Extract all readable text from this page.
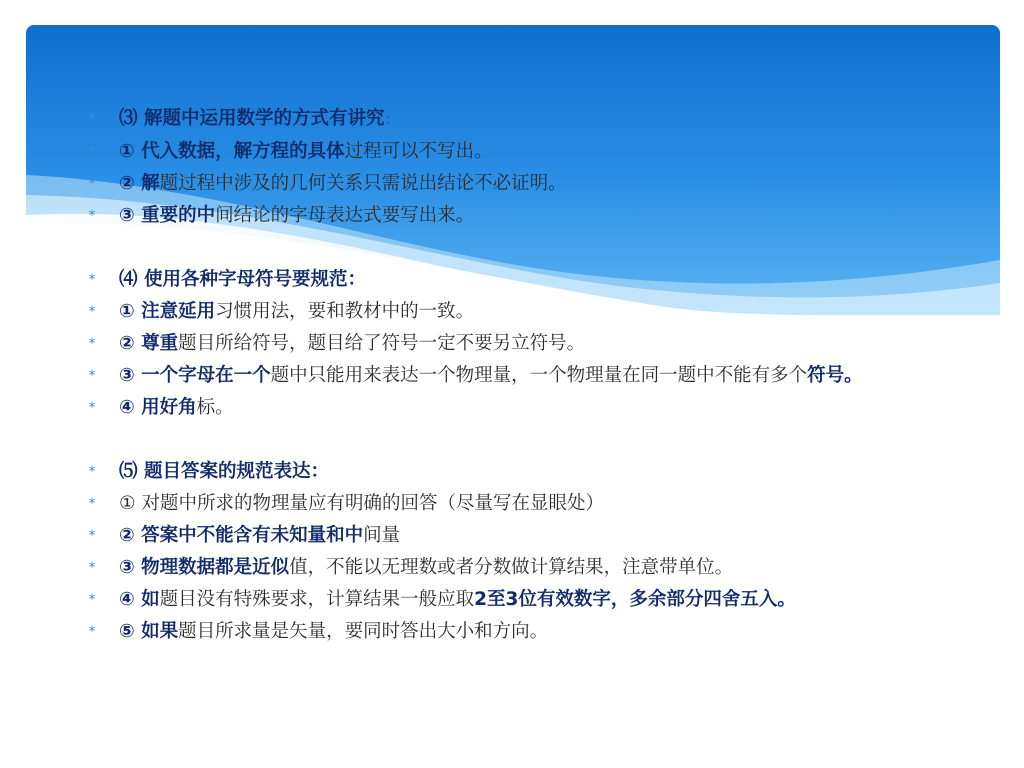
* ⑶ 解题中运用数学的方式有讲究：
* ① 代入数据，解方程的具体过程可以不写出。
* ② 解题过程中涉及的几何关系只需说出结论不必证明。
* ③ 重要的中间结论的字母表达式要写出来。
* ⑷ 使用各种字母符号要规范：
* ① 注意延用习惯用法，要和教材中的一致。
* ② 尊重题目所给符号，题目给了符号一定不要另立符号。
* ③ 一个字母在一个题中只能用来表达一个物理量，一个物理量在同一题中不能有多个符号。
* ④ 用好角标。
* ⑸ 题目答案的规范表达：
* ① 对题中所求的物理量应有明确的回答（尽量写在显眼处）
* ② 答案中不能含有未知量和中间量
* ③ 物理数据都是近似值，不能以无理数或者分数做计算结果，注意带单位。
* ④ 如题目没有特殊要求，计算结果一般应取2至3位有效数字，多余部分四舍五入。
* ⑤ 如果题目所求量是矢量，要同时答出大小和方向。
